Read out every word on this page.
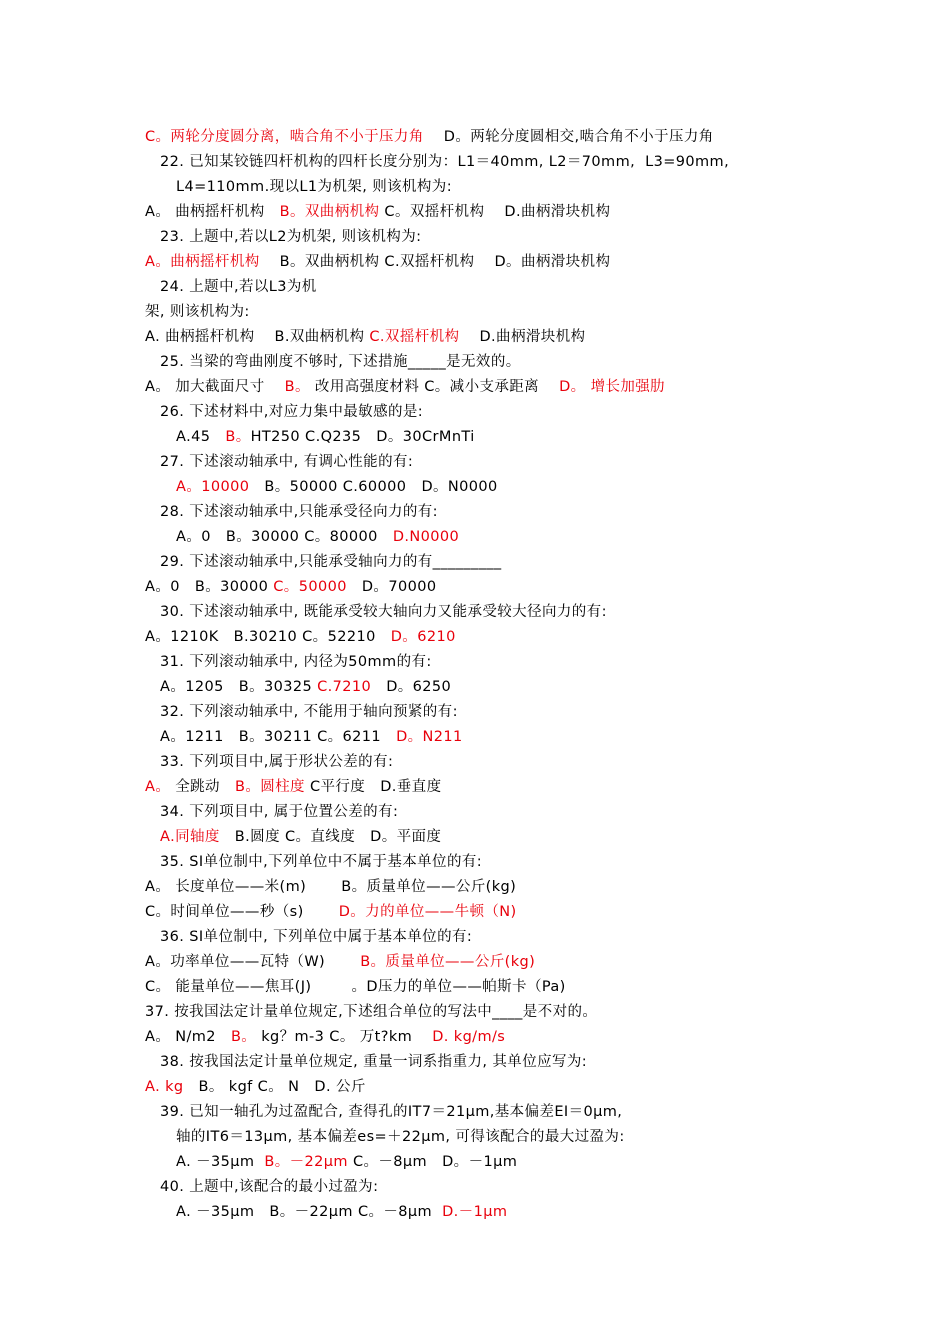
C。两轮分度圆分离，啮合角不小于压力角    D。两轮分度圆相交,啮合角不小于压力角
22. 已知某铰链四杆机构的四杆长度分别为：L1＝40mm, L2＝70mm,  L3=90mm,
L4=110mm.现以L1为机架, 则该机构为:
A。 曲柄摇杆机构   B。双曲柄机构 C。双摇杆机构    D.曲柄滑块机构
23. 上题中,若以L2为机架, 则该机构为:
A。曲柄摇杆机构    B。双曲柄机构 C.双摇杆机构    D。曲柄滑块机构
24. 上题中,若以L3为机
架, 则该机构为:
A. 曲柄摇杆机构    B.双曲柄机构 C.双摇杆机构    D.曲柄滑块机构
25. 当梁的弯曲刚度不够时, 下述措施_____是无效的。
A。 加大截面尺寸    B。 改用高强度材料 C。减小支承距离    D。 增长加强肋
26. 下述材料中,对应力集中最敏感的是:
A.45   B。HT250 C.Q235   D。30CrMnTi
27. 下述滚动轴承中, 有调心性能的有:
A。10000   B。50000 C.60000   D。N0000
28. 下述滚动轴承中,只能承受径向力的有:
A。0   B。30000 C。80000   D.N0000
29. 下述滚动轴承中,只能承受轴向力的有_________
A。0   B。30000 C。50000   D。70000
30. 下述滚动轴承中, 既能承受较大轴向力又能承受较大径向力的有:
A。1210K   B.30210 C。52210   D。6210
31. 下列滚动轴承中, 内径为50mm的有:
A。1205   B。30325 C.7210   D。6250
32. 下列滚动轴承中, 不能用于轴向预紧的有:
A。1211   B。30211 C。6211   D。N211
33. 下列项目中,属于形状公差的有:
A。 全跳动   B。圆柱度 C平行度   D.垂直度
34. 下列项目中, 属于位置公差的有:
A.同轴度   B.圆度 C。直线度   D。平面度
35. SI单位制中,下列单位中不属于基本单位的有:
A。 长度单位——米(m)       B。质量单位——公斤(kg)
C。时间单位——秒（s)       D。力的单位——牛顿（N)
36. SI单位制中, 下列单位中属于基本单位的有:
A。功率单位——瓦特（W)       B。质量单位——公斤(kg)
C。 能量单位——焦耳(J)        。D压力的单位——帕斯卡（Pa)
37. 按我国法定计量单位规定,下述组合单位的写法中____是不对的。
A。 N/m2   B。 kg？m-3 C。 万t?km    D. kg/m/s
38. 按我国法定计量单位规定, 重量一词系指重力, 其单位应写为:
A. kg   B。 kgf C。 N   D. 公斤
39. 已知一轴孔为过盈配合, 查得孔的IT7＝21μm,基本偏差EI＝0μm,
轴的IT6＝13μm, 基本偏差es=＋22μm, 可得该配合的最大过盈为:
A. －35μm  B。－22μm C。－8μm   D。－1μm
40. 上题中,该配合的最小过盈为:
A. －35μm   B。－22μm C。－8μm  D.－1μm
